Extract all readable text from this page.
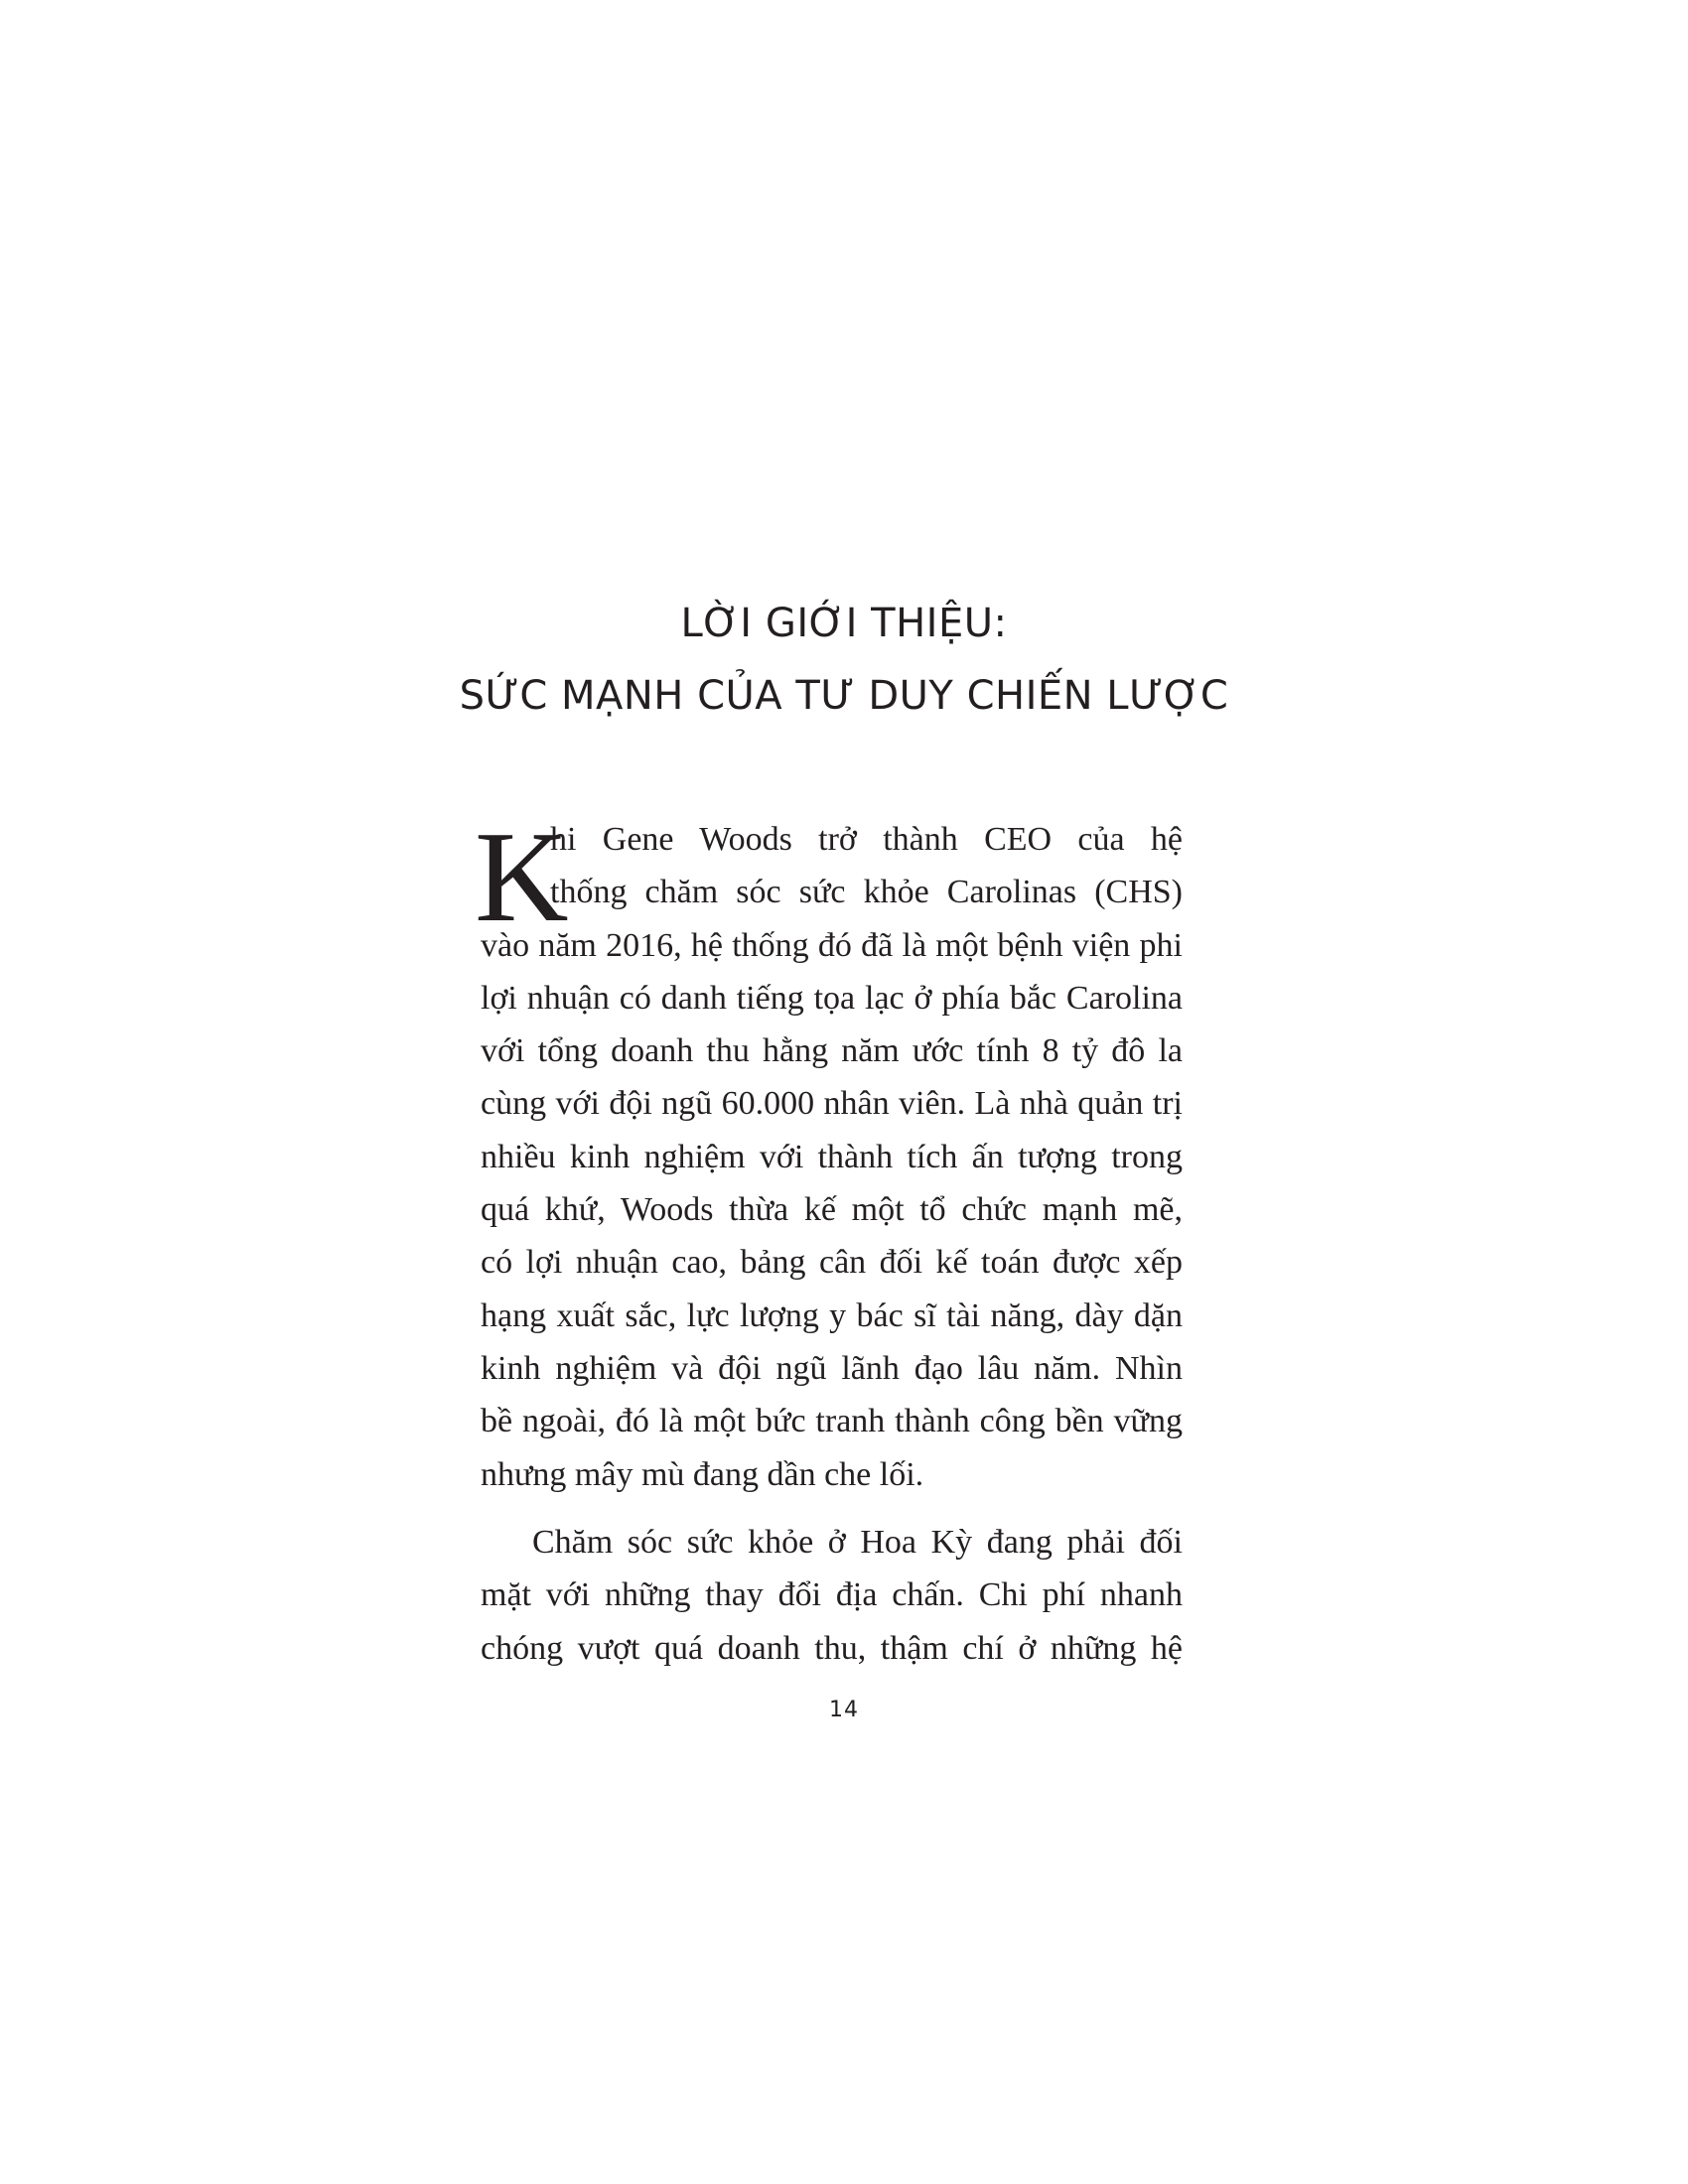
LỜI GIỚI THIỆU:
SỨC MẠNH CỦA TƯ DUY CHIẾN LƯỢC
K
hi Gene Woods trở thành CEO của hệ
thống chăm sóc sức khỏe Carolinas (CHS)
vào năm 2016, hệ thống đó đã là một bệnh viện phi
lợi nhuận có danh tiếng tọa lạc ở phía bắc Carolina
với tổng doanh thu hằng năm ước tính 8 tỷ đô la
cùng với đội ngũ 60.000 nhân viên. Là nhà quản trị
nhiều kinh nghiệm với thành tích ấn tượng trong
quá khứ, Woods thừa kế một tổ chức mạnh mẽ,
có lợi nhuận cao, bảng cân đối kế toán được xếp
hạng xuất sắc, lực lượng y bác sĩ tài năng, dày dặn
kinh nghiệm và đội ngũ lãnh đạo lâu năm. Nhìn
bề ngoài, đó là một bức tranh thành công bền vững
nhưng mây mù đang dần che lối.
Chăm sóc sức khỏe ở Hoa Kỳ đang phải đối
mặt với những thay đổi địa chấn. Chi phí nhanh
chóng vượt quá doanh thu, thậm chí ở những hệ
14
